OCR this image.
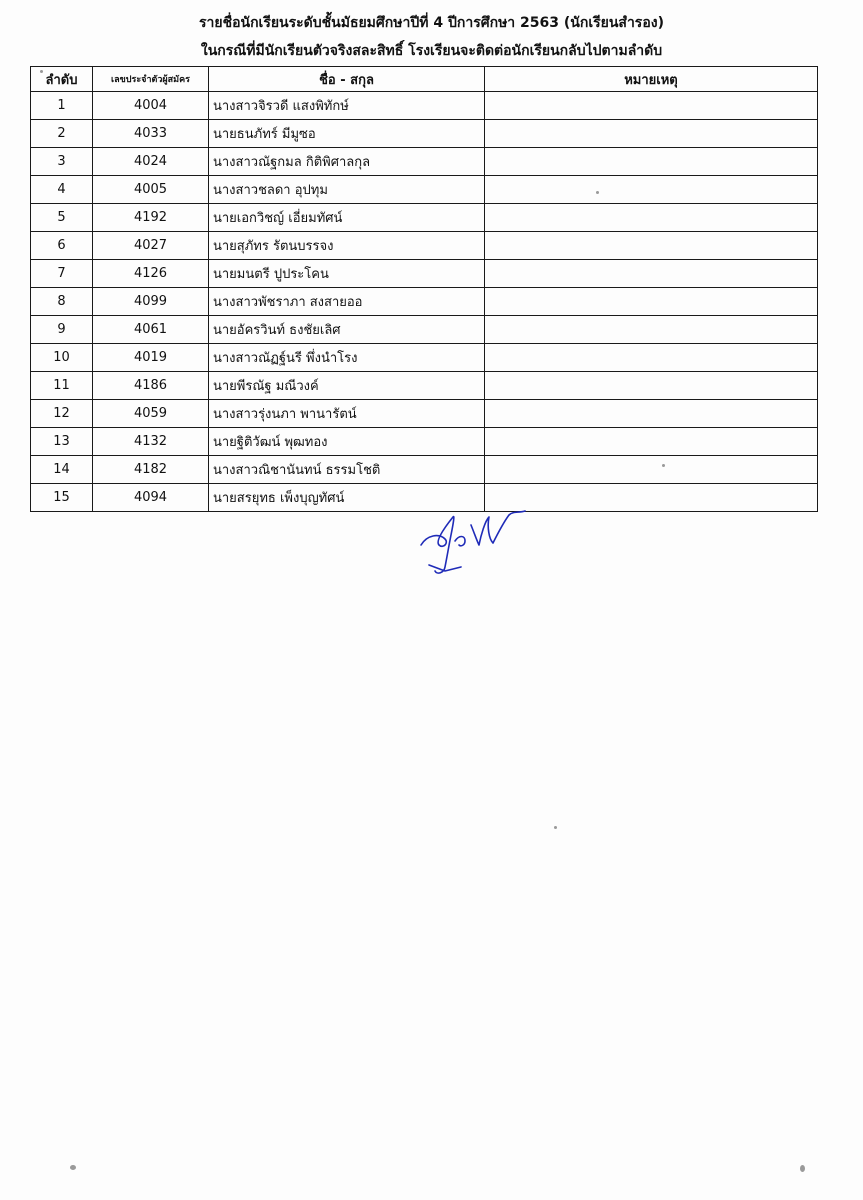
รายชื่อนักเรียนระดับชั้นมัธยมศึกษาปีที่ 4 ปีการศึกษา 2563 (นักเรียนสำรอง)
ในกรณีที่มีนักเรียนตัวจริงสละสิทธิ์ โรงเรียนจะติดต่อนักเรียนกลับไปตามลำดับ
ลำดับ	เลขประจำตัวผู้สมัคร	ชื่อ - สกุล	หมายเหตุ
1	4004	นางสาวจิรวดี แสงพิทักษ์	
2	4033	นายธนภัทร์ มีมูซอ	
3	4024	นางสาวณัฐกมล กิติพิศาลกุล	
4	4005	นางสาวชลดา อุปทุม	
5	4192	นายเอกวิชญ์ เอี่ยมทัศน์	
6	4027	นายสุภัทร รัตนบรรจง	
7	4126	นายมนตรี ปูประโคน	
8	4099	นางสาวพัชราภา สงสายออ	
9	4061	นายอัครวินท์ ธงชัยเลิศ	
10	4019	นางสาวณัฏฐ์นรี พึ่งนำโรง	
11	4186	นายพีรณัฐ มณีวงค์	
12	4059	นางสาวรุ่งนภา พานารัตน์	
13	4132	นายฐิติวัฒน์ พุฒทอง	
14	4182	นางสาวณิชานันทน์ ธรรมโชติ	
15	4094	นายสรยุทธ เพ็งบุญทัศน์	
